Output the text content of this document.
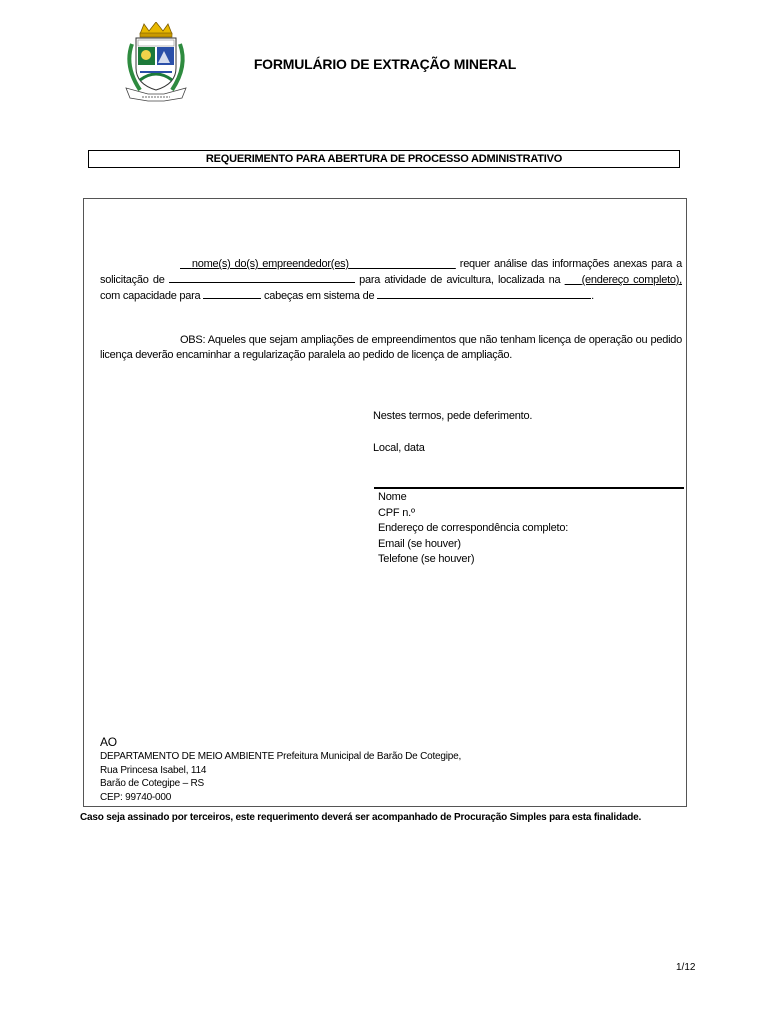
FORMULÁRIO DE EXTRAÇÃO MINERAL
REQUERIMENTO PARA ABERTURA DE PROCESSO ADMINISTRATIVO
nome(s) do(s) empreendedor(es)	requer análise das informações anexas para a solicitação de	para atividade de avicultura, localizada na     (endereço completo), com capacidade para	cabeças em sistema de	.
OBS: Aqueles que sejam ampliações de empreendimentos que não tenham licença de operação ou pedido licença deverão encaminhar a regularização paralela ao pedido de licença de ampliação.
Nestes termos, pede deferimento.
Local, data
Nome
CPF n.º
Endereço de correspondência completo:
Email (se houver)
Telefone (se houver)
AO
DEPARTAMENTO DE MEIO AMBIENTE Prefeitura Municipal de Barão De Cotegipe,
Rua Princesa Isabel, 114
Barão de Cotegipe – RS
CEP: 99740-000
Caso seja assinado por terceiros, este requerimento deverá ser acompanhado de Procuração Simples para esta finalidade.
1/12
